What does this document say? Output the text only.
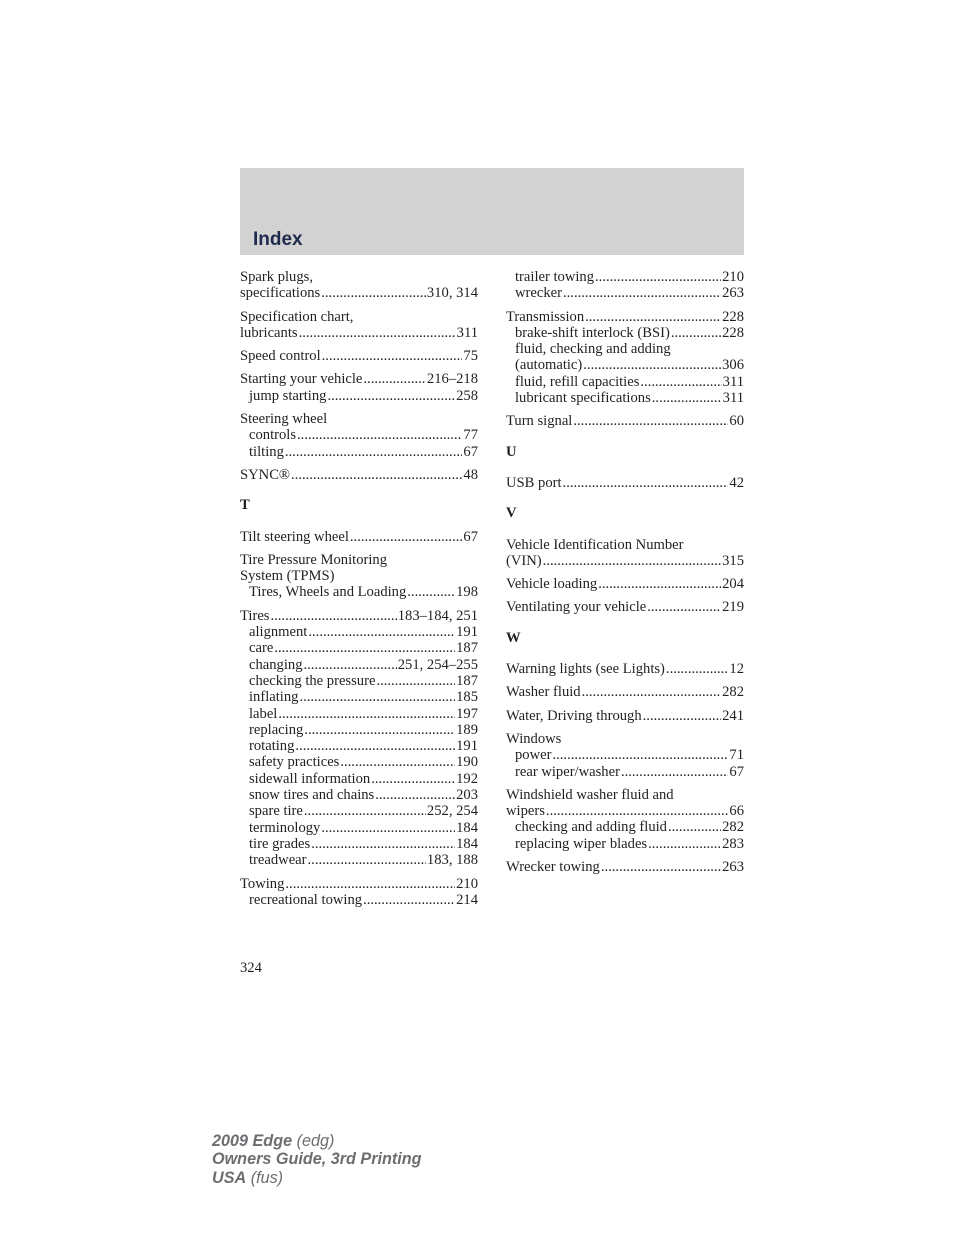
Index
Spark plugs,
specifications .....	310, 314
Specification chart,
lubricants .....	311
Speed control .....	75
Starting your vehicle .....	216–218
jump starting .....	258
Steering wheel
controls .....	77
tilting .....	67
SYNC® .....	48
T
Tilt steering wheel .....	67
Tire Pressure Monitoring
System (TPMS)
Tires, Wheels and Loading .....	198
Tires .....	183–184, 251
alignment .....	191
care .....	187
changing .....	251, 254–255
checking the pressure .....	187
inflating .....	185
label .....	197
replacing .....	189
rotating .....	191
safety practices .....	190
sidewall information .....	192
snow tires and chains .....	203
spare tire .....	252, 254
terminology .....	184
tire grades .....	184
treadwear .....	183, 188
Towing .....	210
recreational towing .....	214
trailer towing .....	210
wrecker .....	263
Transmission .....	228
brake-shift interlock (BSI) .....	228
fluid, checking and adding
(automatic) .....	306
fluid, refill capacities .....	311
lubricant specifications .....	311
Turn signal .....	60
U
USB port .....	42
V
Vehicle Identification Number
(VIN) .....	315
Vehicle loading .....	204
Ventilating your vehicle .....	219
W
Warning lights (see Lights) .....	12
Washer fluid .....	282
Water, Driving through .....	241
Windows
power .....	71
rear wiper/washer .....	67
Windshield washer fluid and
wipers .....	66
checking and adding fluid .....	282
replacing wiper blades .....	283
Wrecker towing .....	263
324
2009 Edge (edg)
Owners Guide, 3rd Printing
USA (fus)
